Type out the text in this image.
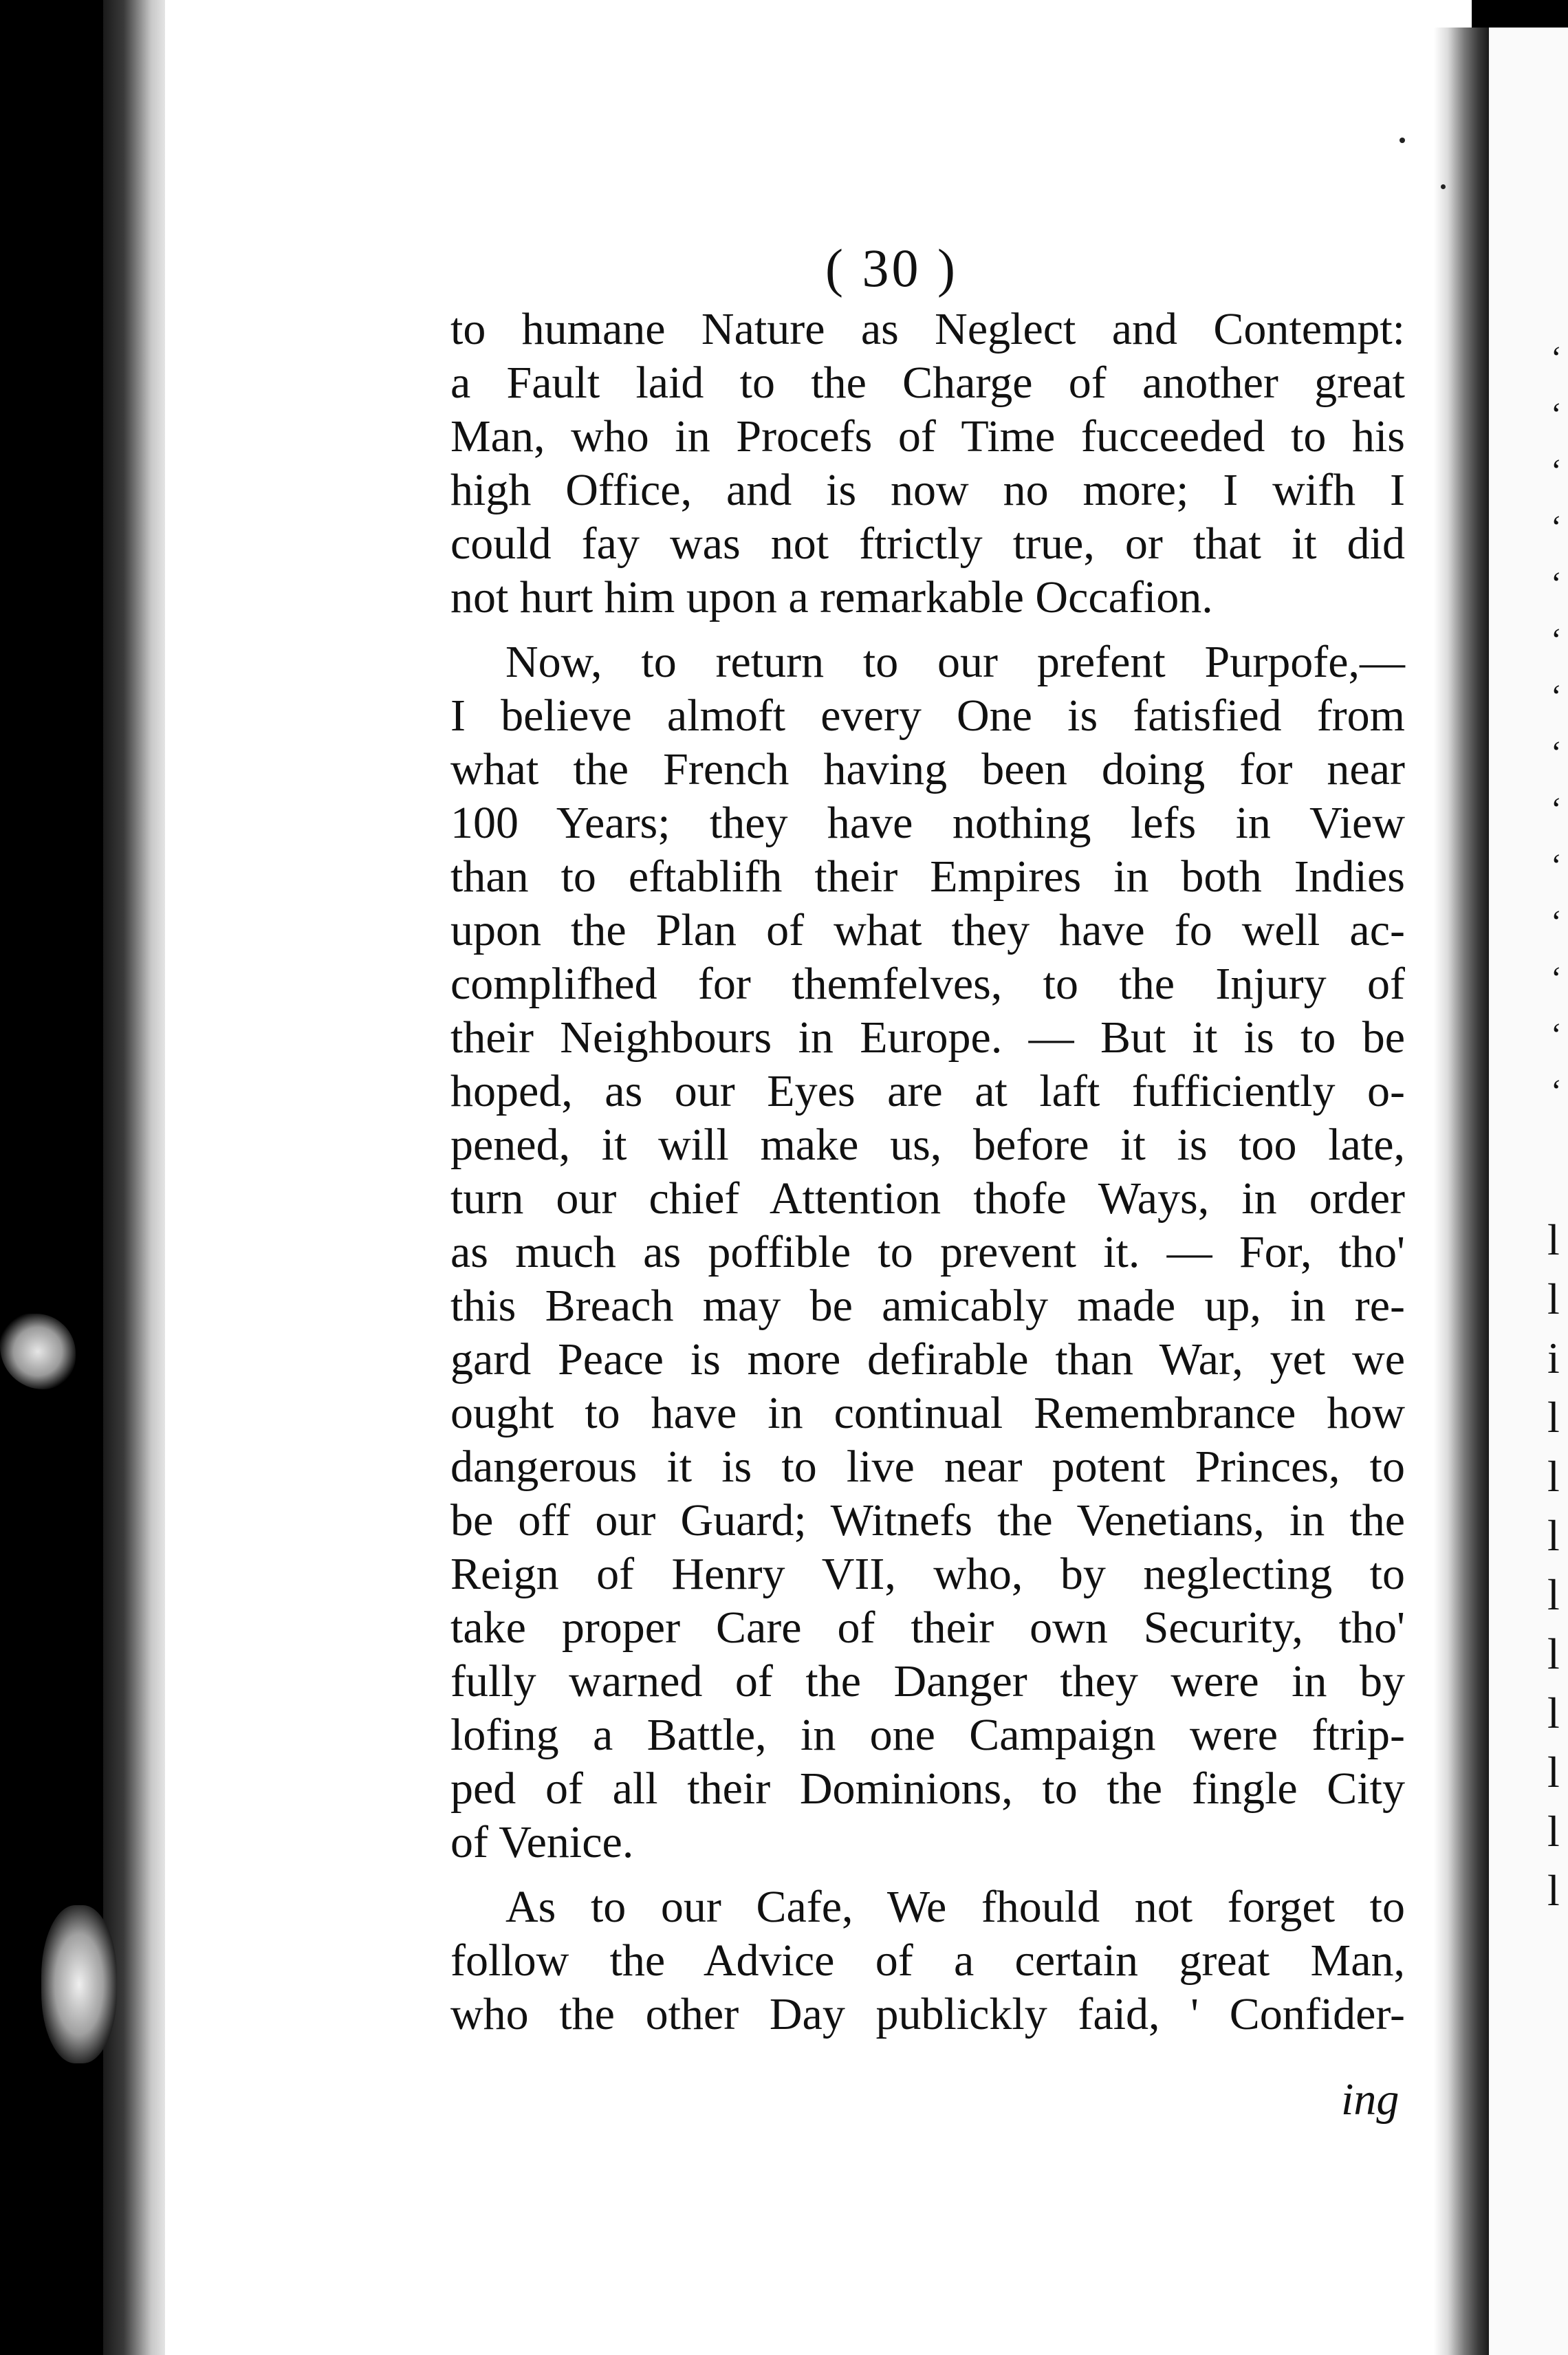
‘
‘
‘
‘
‘
‘
‘
‘
‘
‘
‘
‘
‘
‘
l
l
i
l
l
l
l
l
l
l
l
l
( 30 )
to humane Nature as Neglect and Contempt:
a Fault laid to the Charge of another great
Man, who in Procefs of Time fucceeded to his
high Office, and is now no more; I wifh I
could fay was not ftrictly true, or that it did
not hurt him upon a remarkable Occafion.
Now, to return to our prefent Purpofe,—
I believe almoft every One is fatisfied from
what the French having been doing for near
100 Years; they have nothing lefs in View
than to eftablifh their Empires in both Indies
upon the Plan of what they have fo well ac-
complifhed for themfelves, to the Injury of
their Neighbours in Europe. — But it is to be
hoped, as our Eyes are at laft fufficiently o-
pened, it will make us, before it is too late,
turn our chief Attention thofe Ways, in order
as much as poffible to prevent it. — For, tho'
this Breach may be amicably made up, in re-
gard Peace is more defirable than War, yet we
ought to have in continual Remembrance how
dangerous it is to live near potent Princes, to
be off our Guard; Witnefs the Venetians, in the
Reign of Henry VII, who, by neglecting to
take proper Care of their own Security, tho'
fully warned of the Danger they were in by
lofing a Battle, in one Campaign were ftrip-
ped of all their Dominions, to the fingle City
of Venice.
As to our Cafe, We fhould not forget to
follow the Advice of a certain great Man,
who the other Day publickly faid, ' Confider-
ing
